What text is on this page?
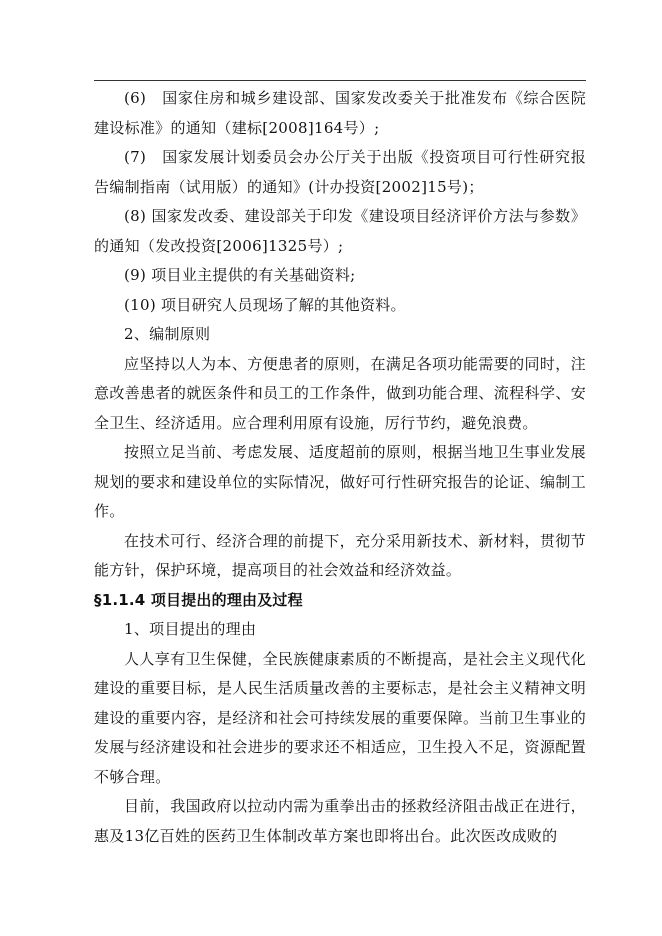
(6)　国家住房和城乡建设部、国家发改委关于批准发布《综合医院建设标准》的通知（建标[2008]164号）;

(7)　国家发展计划委员会办公厅关于出版《投资项目可行性研究报告编制指南（试用版）的通知》(计办投资[2002]15号)；

(8) 国家发改委、建设部关于印发《建设项目经济评价方法与参数》的通知（发改投资[2006]1325号）;

(9) 项目业主提供的有关基础资料;

(10) 项目研究人员现场了解的其他资料。

2、编制原则

应坚持以人为本、方便患者的原则，在满足各项功能需要的同时，注意改善患者的就医条件和员工的工作条件，做到功能合理、流程科学、安全卫生、经济适用。应合理利用原有设施，厉行节约，避免浪费。

按照立足当前、考虑发展、适度超前的原则，根据当地卫生事业发展规划的要求和建设单位的实际情况，做好可行性研究报告的论证、编制工作。

在技术可行、经济合理的前提下，充分采用新技术、新材料，贯彻节能方针，保护环境，提高项目的社会效益和经济效益。

§1.1.4 项目提出的理由及过程

1、项目提出的理由

人人享有卫生保健，全民族健康素质的不断提高，是社会主义现代化建设的重要目标，是人民生活质量改善的主要标志，是社会主义精神文明建设的重要内容，是经济和社会可持续发展的重要保障。当前卫生事业的发展与经济建设和社会进步的要求还不相适应，卫生投入不足，资源配置不够合理。

目前，我国政府以拉动内需为重拳出击的拯救经济阻击战正在进行，惠及13亿百姓的医药卫生体制改革方案也即将出台。此次医改成败的
